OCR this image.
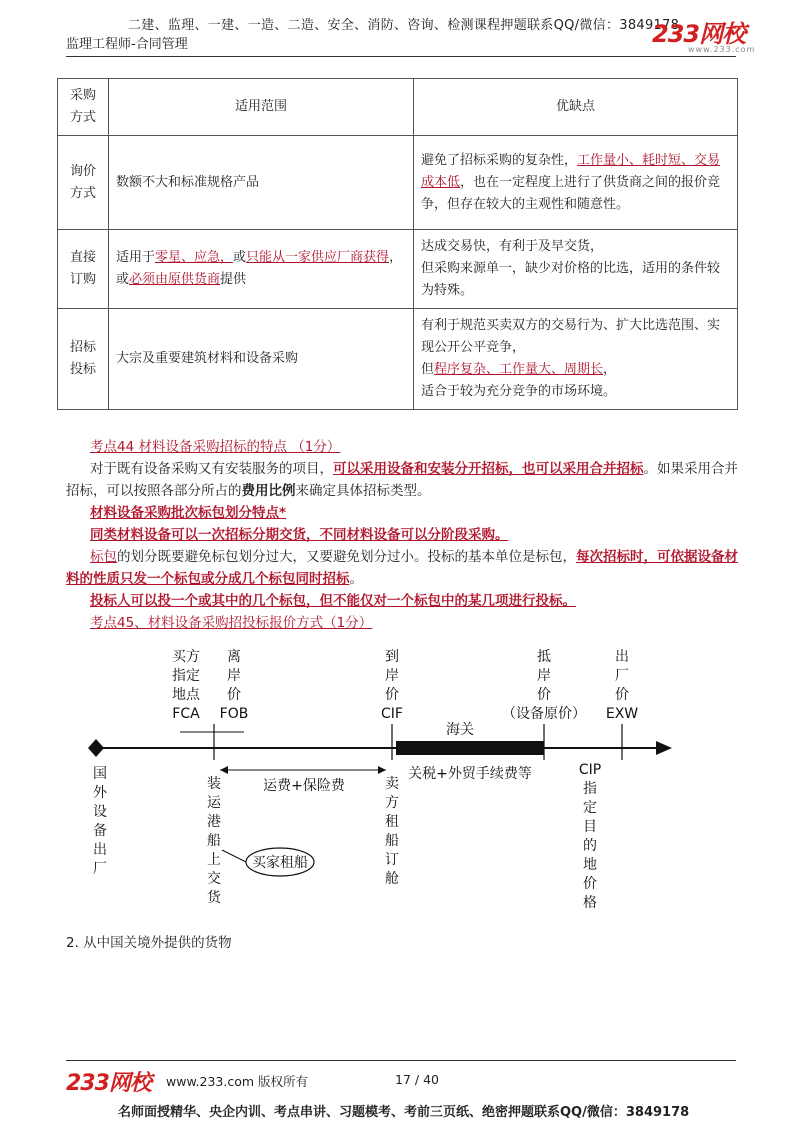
二建、监理、一建、一造、二造、安全、消防、咨询、检测课程押题联系QQ/微信：3849178
监理工程师-合同管理	233网校
www.233.com
采购方式	适用范围	优缺点
询价方式	数额不大和标准规格产品	避免了招标采购的复杂性，工作量小、耗时短、交易成本低，也在一定程度上进行了供货商之间的报价竞争，但存在较大的主观性和随意性。
直接订购	适用于零星、应急，或只能从一家供应厂商获得，或必须由原供货商提供	达成交易快，有利于及早交货，
但采购来源单一，缺少对价格的比选，适用的条件较为特殊。
招标投标	大宗及重要建筑材料和设备采购	有利于规范买卖双方的交易行为、扩大比选范围、实现公开公平竞争，
但程序复杂、工作量大、周期长，
适合于较为充分竞争的市场环境。

考点44 材料设备采购招标的特点 （1分）

对于既有设备采购又有安装服务的项目，可以采用设备和安装分开招标，也可以采用合并招标。如果采用合并招标，可以按照各部分所占的费用比例来确定具体招标类型。

材料设备采购批次标包划分特点*

同类材料设备可以一次招标分期交货，不同材料设备可以分阶段采购。

标包的划分既要避免标包划分过大，又要避免划分过小。投标的基本单位是标包，每次招标时，可依据设备材料的性质只发一个标包或分成几个标包同时招标。

投标人可以投一个或其中的几个标包，但不能仅对一个标包中的某几项进行投标。

考点45、材料设备采购招投标报价方式（1分）

买方
指定
地点
FCA
离
岸
价
FOB
到
岸
价
CIF
抵
岸
价
（设备原价）
出
厂
价
EXW
海关
运费+保险费
关税+外贸手续费等
买家租船
国
外
设
备
出
厂
装
运
港
船
上
交
货
卖
方
租
船
订
舱
CIP
指
定
目
的
地
价
格
2. 从中国关境外提供的货物
233网校 www.233.com 版权所有	17 / 40
名师面授精华、央企内训、考点串讲、习题模考、考前三页纸、绝密押题联系QQ/微信：3849178
